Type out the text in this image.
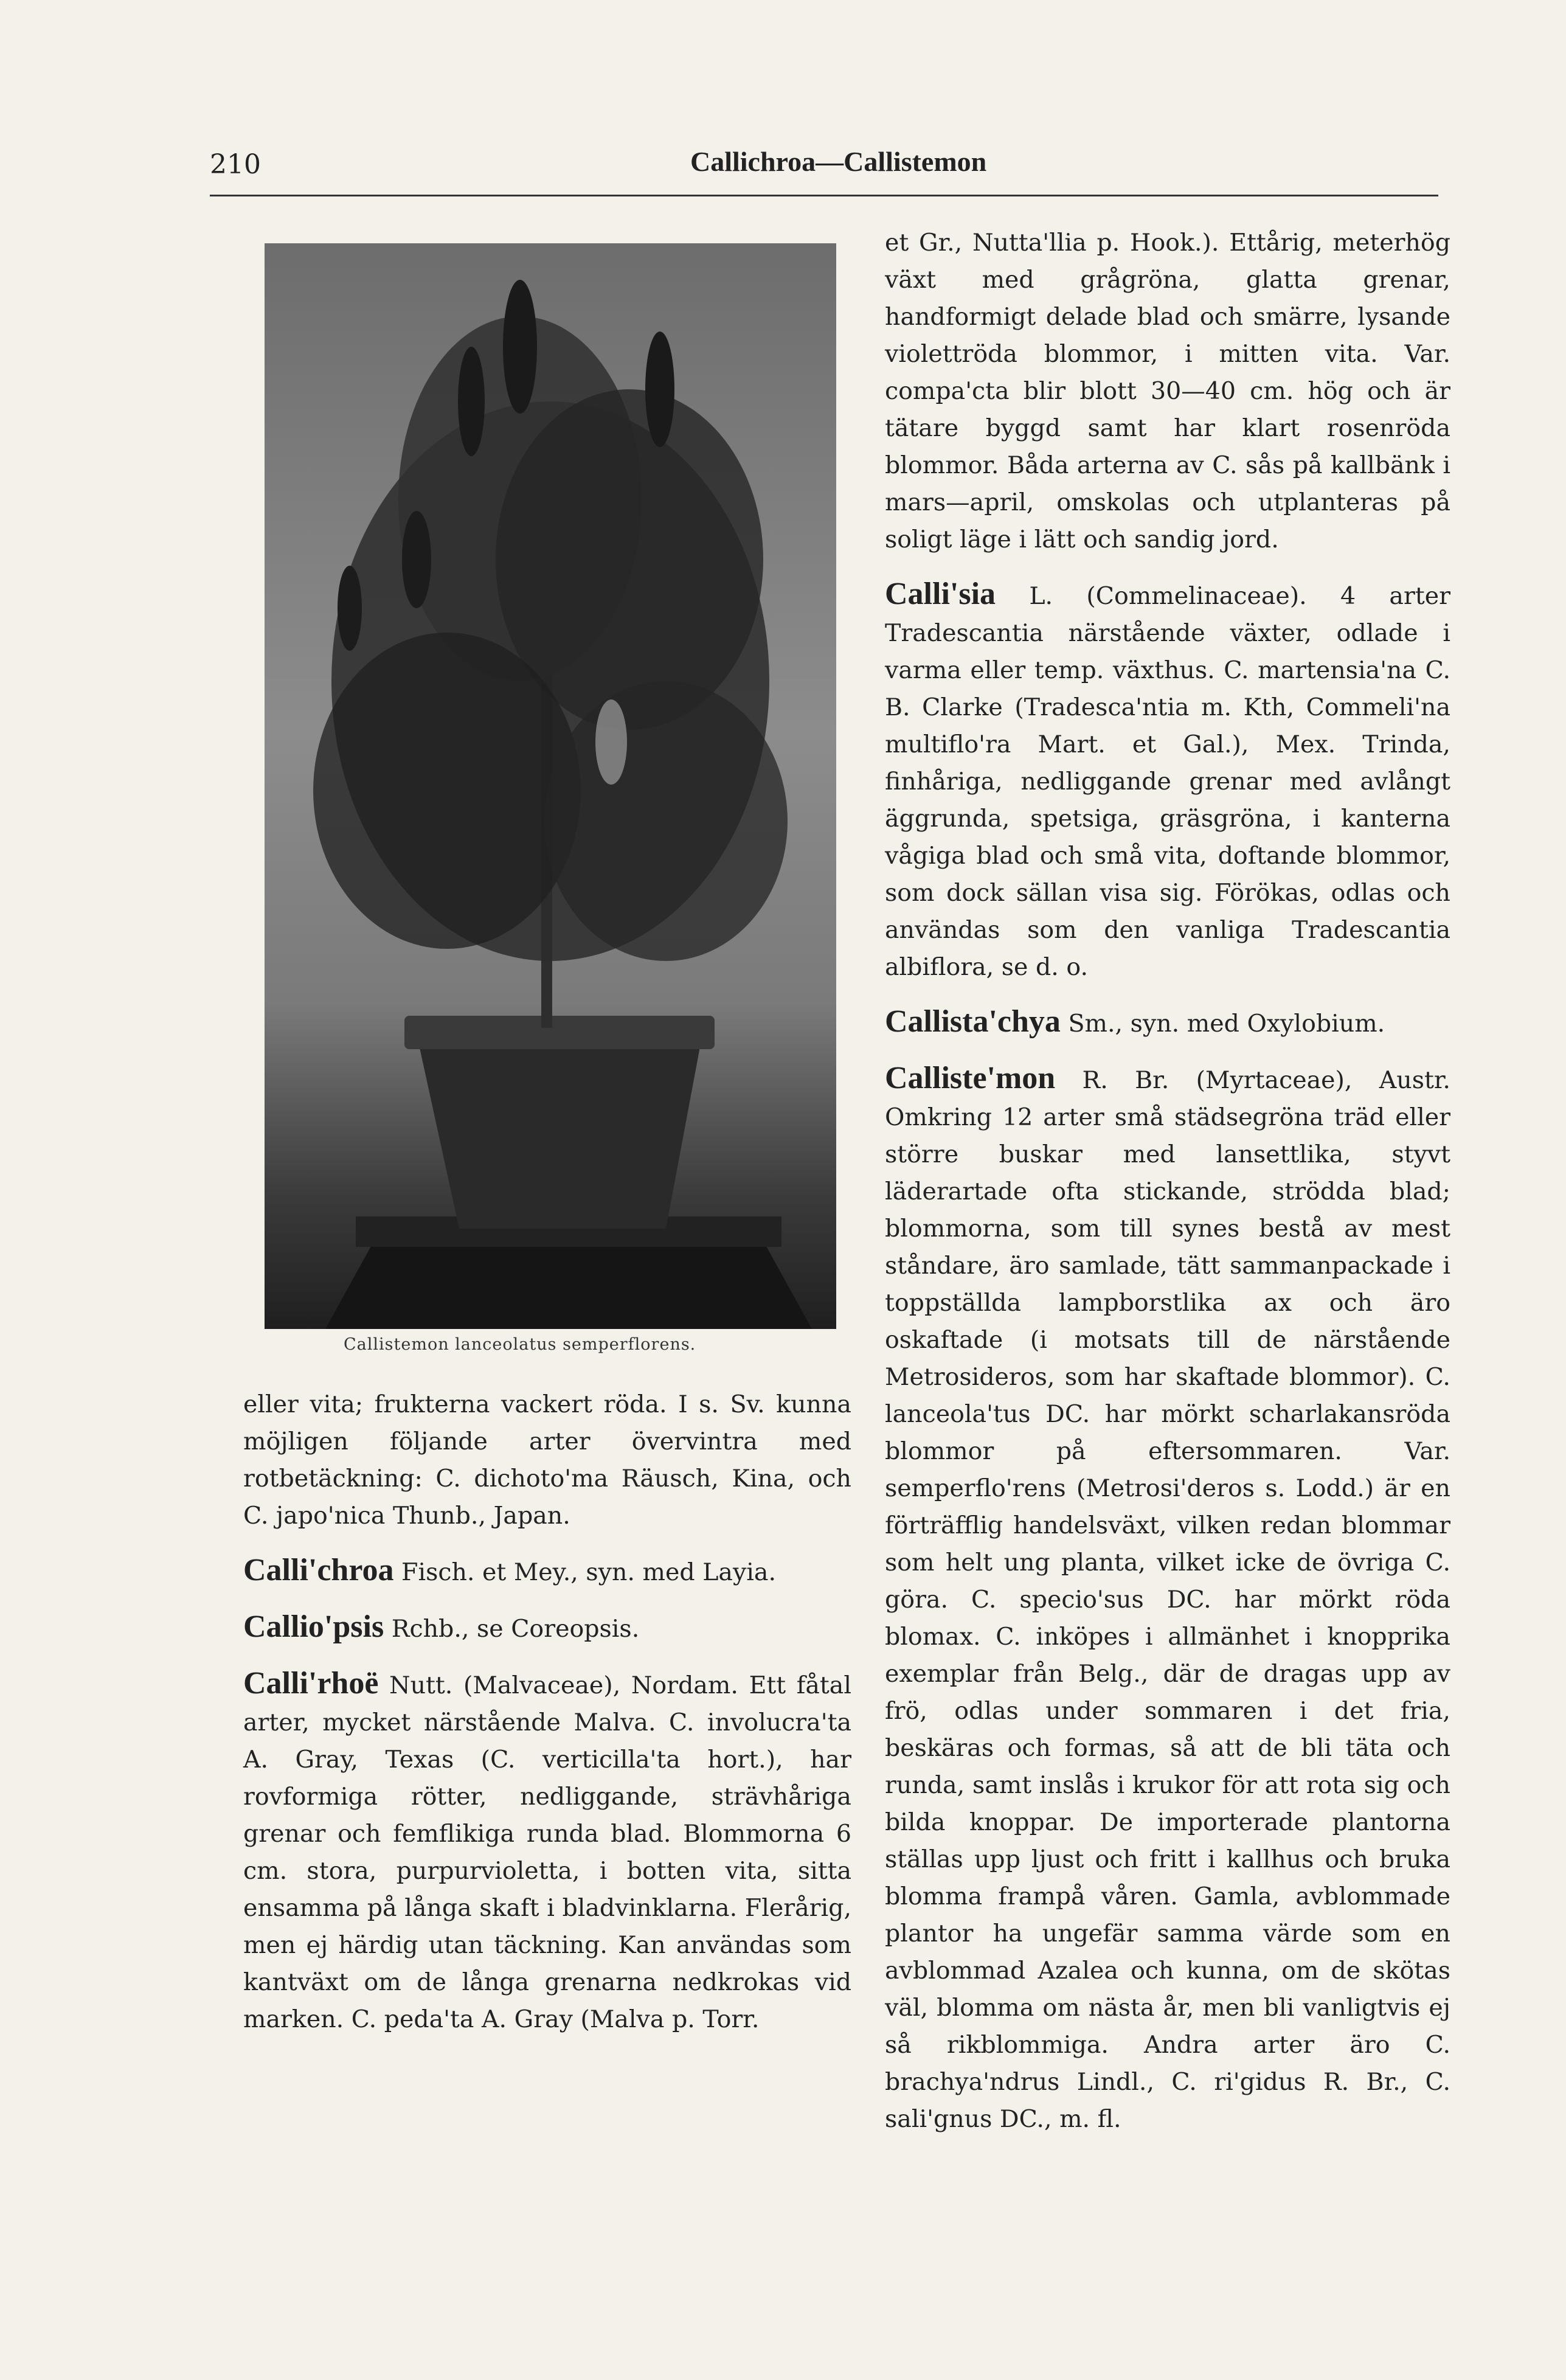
210	Callichroa—Callistemon
Callistemon lanceolatus semperflorens.

eller vita; frukterna vackert röda. I s. Sv. kunna möjligen följande arter övervintra med rotbetäckning: C. dichoto'ma Räusch, Kina, och C. japo'nica Thunb., Japan.

Calli'chroa Fisch. et Mey., syn. med Layia.

Callio'psis Rchb., se Coreopsis.

Calli'rhoë Nutt. (Malvaceae), Nordam. Ett fåtal arter, mycket närstående Malva. C. involucra'ta A. Gray, Texas (C. verticilla'ta hort.), har rovformiga rötter, nedliggande, strävhåriga grenar och femflikiga runda blad. Blommorna 6 cm. stora, purpurvioletta, i botten vita, sitta ensamma på långa skaft i bladvinklarna. Flerårig, men ej härdig utan täckning. Kan användas som kantväxt om de långa grenarna nedkrokas vid marken. C. peda'ta A. Gray (Malva p. Torr.

et Gr., Nutta'llia p. Hook.). Ettårig, meterhög växt med grågröna, glatta grenar, handformigt delade blad och smärre, lysande violettröda blommor, i mitten vita. Var. compa'cta blir blott 30—40 cm. hög och är tätare byggd samt har klart rosenröda blommor. Båda arterna av C. sås på kallbänk i mars—april, omskolas och utplanteras på soligt läge i lätt och sandig jord.

Calli'sia L. (Commelinaceae). 4 arter Tradescantia närstående växter, odlade i varma eller temp. växthus. C. martensia'na C. B. Clarke (Tradesca'ntia m. Kth, Commeli'na multiflo'ra Mart. et Gal.), Mex. Trinda, finhåriga, nedliggande grenar med avlångt äggrunda, spetsiga, gräsgröna, i kanterna vågiga blad och små vita, doftande blommor, som dock sällan visa sig. Förökas, odlas och användas som den vanliga Tradescantia albiflora, se d. o.

Callista'chya Sm., syn. med Oxylobium.

Calliste'mon R. Br. (Myrtaceae), Austr. Omkring 12 arter små städsegröna träd eller större buskar med lansettlika, styvt läderartade ofta stickande, strödda blad; blommorna, som till synes bestå av mest ståndare, äro samlade, tätt sammanpackade i toppställda lampborstlika ax och äro oskaftade (i motsats till de närstående Metrosideros, som har skaftade blommor). C. lanceola'tus DC. har mörkt scharlakansröda blommor på eftersommaren. Var. semperflo'rens (Metrosi'deros s. Lodd.) är en förträfflig handelsväxt, vilken redan blommar som helt ung planta, vilket icke de övriga C. göra. C. specio'sus DC. har mörkt röda blomax. C. inköpes i allmänhet i knopprika exemplar från Belg., där de dragas upp av frö, odlas under sommaren i det fria, beskäras och formas, så att de bli täta och runda, samt inslås i krukor för att rota sig och bilda knoppar. De importerade plantorna ställas upp ljust och fritt i kallhus och bruka blomma frampå våren. Gamla, avblommade plantor ha ungefär samma värde som en avblommad Azalea och kunna, om de skötas väl, blomma om nästa år, men bli vanligtvis ej så rikblommiga. Andra arter äro C. brachya'ndrus Lindl., C. ri'gidus R. Br., C. sali'gnus DC., m. fl.
